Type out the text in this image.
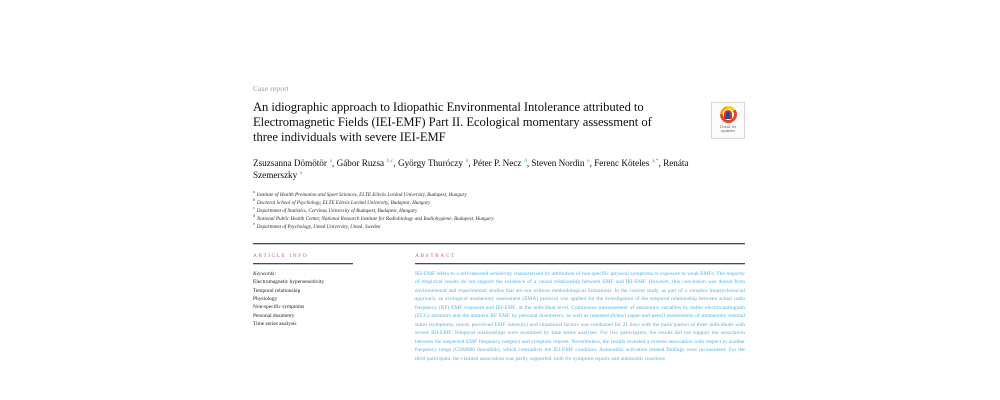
Case report
An idiographic approach to Idiopathic Environmental Intolerance attributed to Electromagnetic Fields (IEI-EMF) Part II. Ecological momentary assessment of three individuals with severe IEI-EMF
Check for
updates
Zsuzsanna Dömötör $^a$, Gábor Ruzsa $^{b,c}$, György Thuróczy $^d$, Péter P. Necz $^d$, Steven Nordin $^e$, Ferenc Köteles $^{a,*}$, Renáta Szemerszky $^a$
$^a$ Institute of Health Promotion and Sport Sciences, ELTE Eötvös Loránd University, Budapest, Hungary
$^b$ Doctoral School of Psychology, ELTE Eötvös Loránd University, Budapest, Hungary
$^c$ Department of Statistics, Corvinus University of Budapest, Budapest, Hungary
$^d$ National Public Health Center, National Research Institute for Radiobiology and Radiohygiene, Budapest, Hungary
$^e$ Department of Psychology, Umeå University, Umeå, Sweden
ARTICLE INFO
Keywords:
Electromagnetic hypersensitivity
Temporal relationship
Physiology
Non-specific symptoms
Personal dosimetry
Time series analysis
ABSTRACT
IEI-EMF refers to a self-reported sensitivity characterized by attribution of non-specific physical symptoms to exposure to weak EMFs. The majority of empirical results do not support the existence of a causal relationship between EMF and IEI-EMF. However, this conclusion was drawn from environmental and experimental studies that are not without methodological limitations. In the current study, as part of a complex biopsychosocial approach, an ecological momentary assessment (EMA) protocol was applied for the investigation of the temporal relationship between actual radio frequency (RF) EMF exposure and IEI-EMF, at the individual level. Continuous measurement of autonomic variables by holter electrocardiogram (ECG) monitors and the ambient RF EMF by personal dosimeters, as well as repeated (8/day) paper-and-pencil assessments of momentary internal states (symptoms, mood, perceived EMF intensity) and situational factors was conducted for 21 days with the participation of three individuals with severe IEI-EMF. Temporal relationships were examined by time series analyses. For two participants, the results did not support the association between the suspected EMF frequency range(s) and symptom reports. Nevertheless, the results revealed a reverse association with respect to another frequency range (GSM900 downlink), which contradicts the IEI-EMF condition. Autonomic activation related findings were inconsistent. For the third participant, the claimed association was partly supported, both for symptom reports and autonomic reactions
